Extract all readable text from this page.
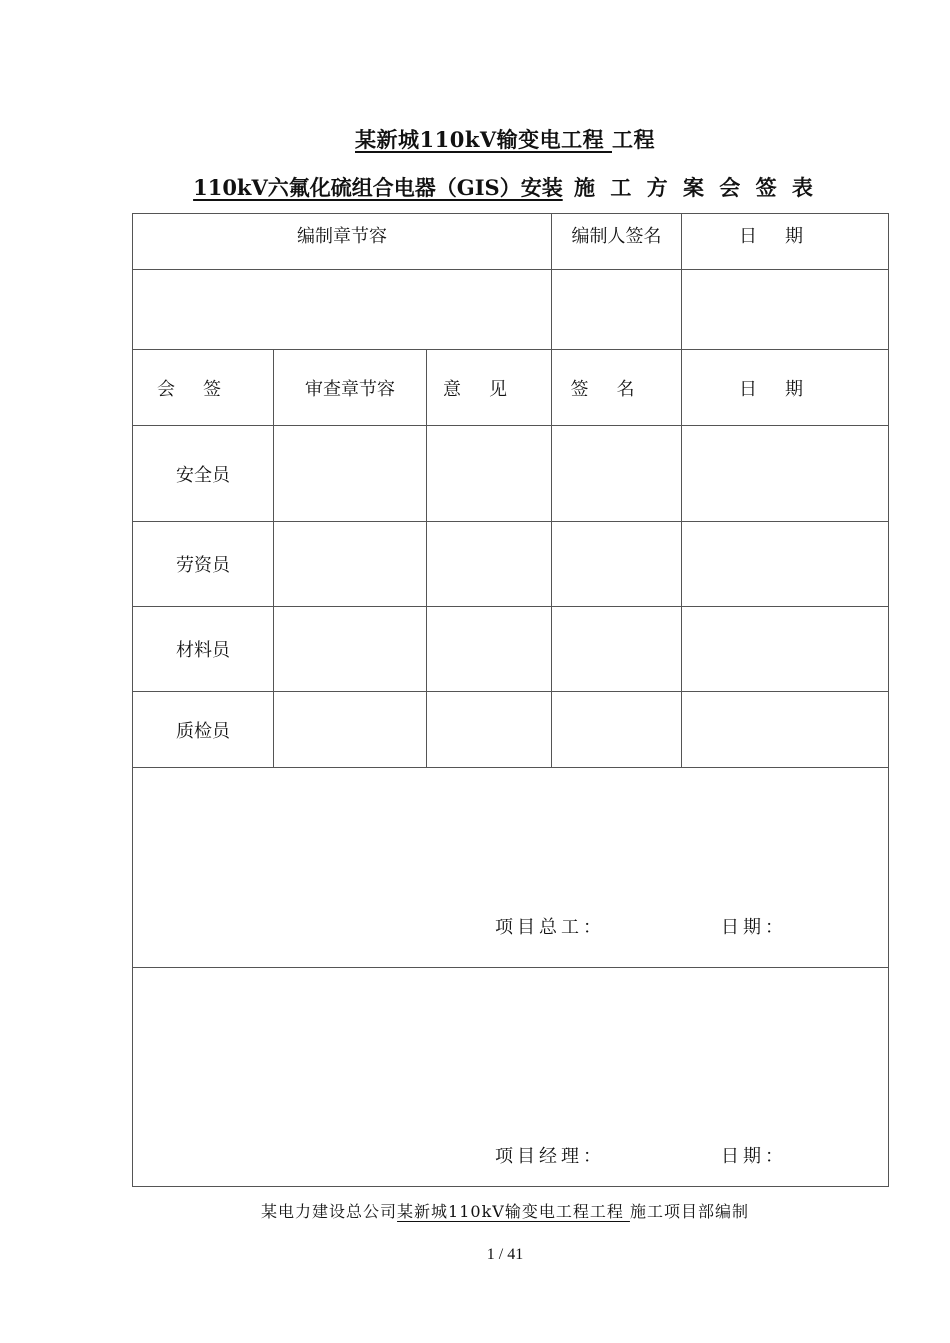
某新城110kV输变电工程 工程
110kV六氟化硫组合电器（GIS）安装 施 工 方 案 会 签 表
编制章节容			编制人签名	日期

会签	审查章节容	意见	签名	日期
安全员				
劳资员				
材料员				
质检员				

项目总工： 日期：				

项目经理： 日期：				
某电力建设总公司某新城110kV输变电工程工程 施工项目部编制
1 / 41
